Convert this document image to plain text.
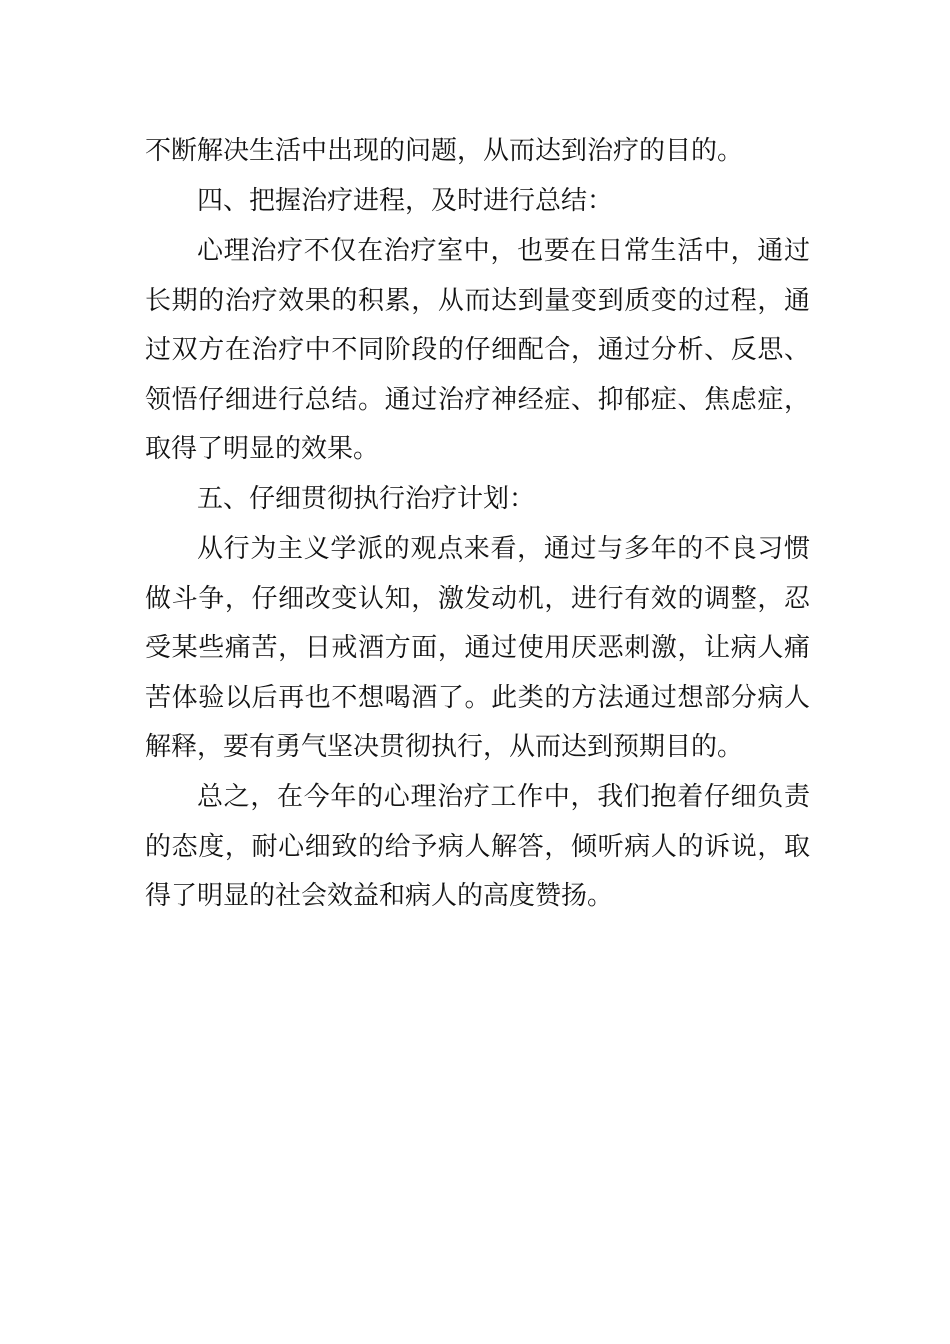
不断解决生活中出现的问题，从而达到治疗的目的。
四、把握治疗进程，及时进行总结：
心理治疗不仅在治疗室中，也要在日常生活中，通过
长期的治疗效果的积累，从而达到量变到质变的过程，通
过双方在治疗中不同阶段的仔细配合，通过分析、反思、
领悟仔细进行总结。通过治疗神经症、抑郁症、焦虑症，
取得了明显的效果。
五、仔细贯彻执行治疗计划：
从行为主义学派的观点来看，通过与多年的不良习惯
做斗争，仔细改变认知，激发动机，进行有效的调整，忍
受某些痛苦，日戒酒方面，通过使用厌恶刺激，让病人痛
苦体验以后再也不想喝酒了。此类的方法通过想部分病人
解释，要有勇气坚决贯彻执行，从而达到预期目的。
总之，在今年的心理治疗工作中，我们抱着仔细负责
的态度，耐心细致的给予病人解答，倾听病人的诉说，取
得了明显的社会效益和病人的高度赞扬。
